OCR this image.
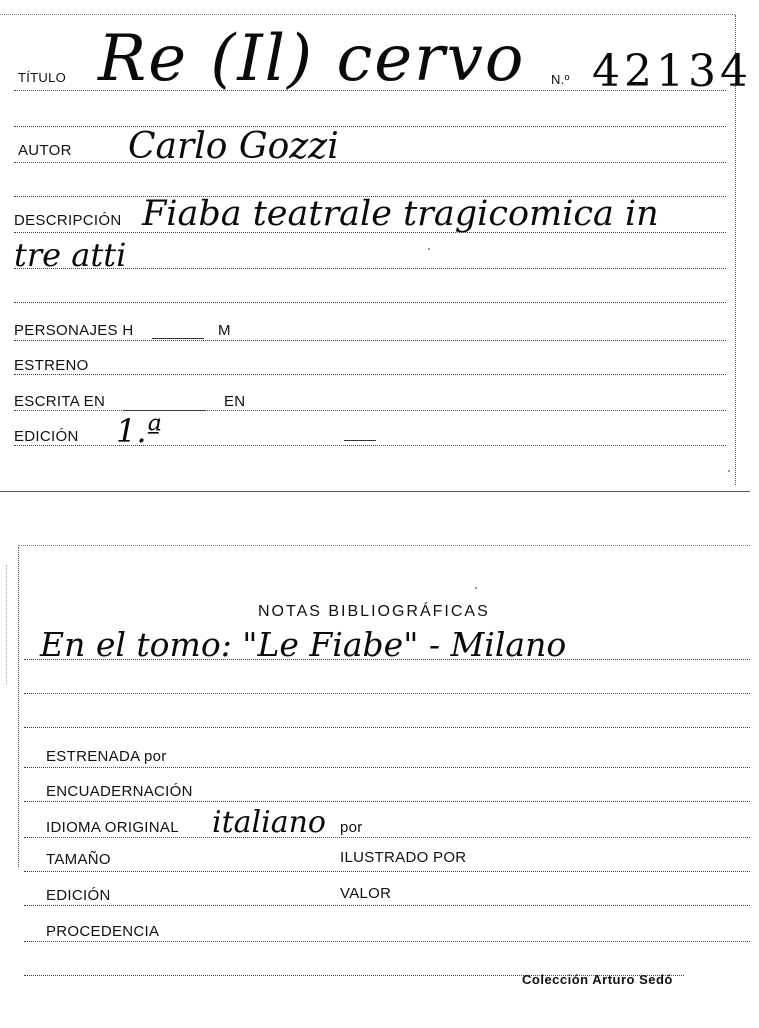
TÍTULO Re (Il) cervo N.º 42134
AUTOR Carlo Gozzi
DESCRIPCIÓN Fiaba teatrale tragicomica in
tre atti
PERSONAJES H	M
ESTRENO
ESCRITA EN	EN
EDICIÓN 1.ª
NOTAS BIBLIOGRÁFICAS
En el tomo: "Le Fiabe" - Milano
ESTRENADA por
ENCUADERNACIÓN
IDIOMA ORIGINAL italiano por
TAMAÑO	ILUSTRADO POR
EDICIÓN	VALOR
PROCEDENCIA
Colección Arturo Sedó
